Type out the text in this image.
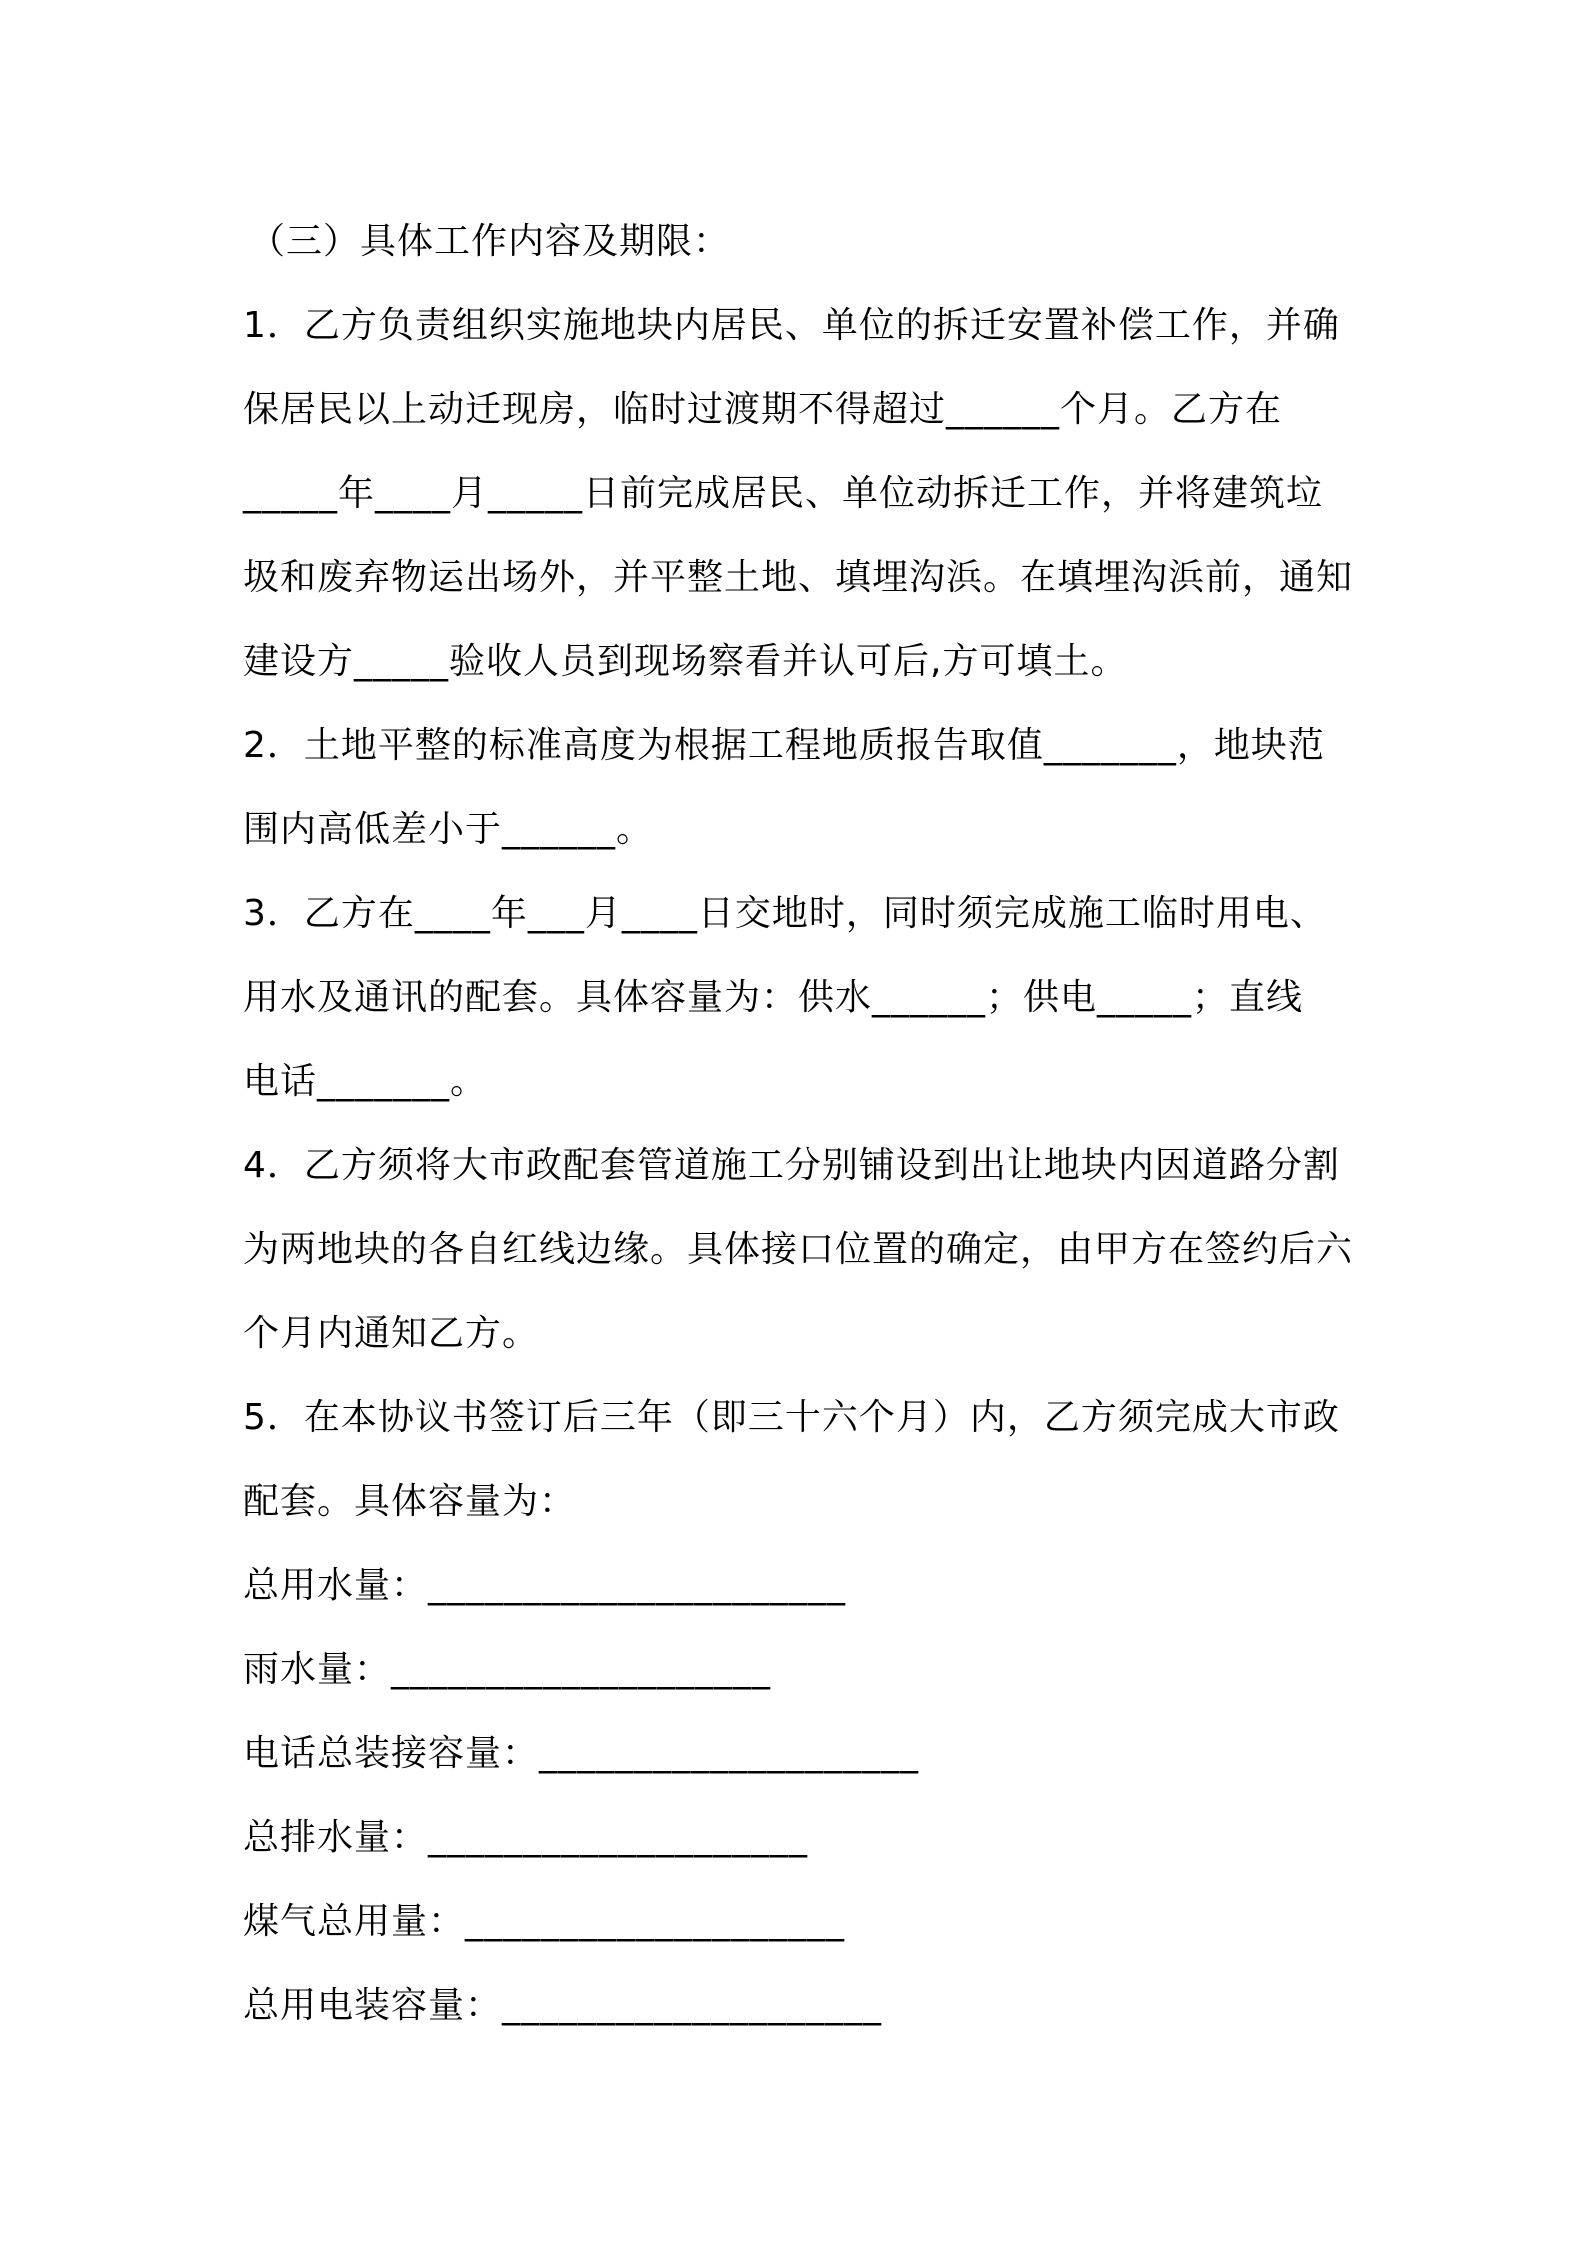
（三）具体工作内容及期限：
1．乙方负责组织实施地块内居民、单位的拆迁安置补偿工作，并确
保居民以上动迁现房，临时过渡期不得超过______个月。乙方在
_____年____月_____日前完成居民、单位动拆迁工作，并将建筑垃
圾和废弃物运出场外，并平整土地、填埋沟浜。在填埋沟浜前，通知
建设方_____验收人员到现场察看并认可后,方可填土。
2．土地平整的标准高度为根据工程地质报告取值_______，地块范
围内高低差小于______。
3．乙方在____年___月____日交地时，同时须完成施工临时用电、
用水及通讯的配套。具体容量为：供水______；供电_____；直线
电话_______。
4．乙方须将大市政配套管道施工分别铺设到出让地块内因道路分割
为两地块的各自红线边缘。具体接口位置的确定，由甲方在签约后六
个月内通知乙方。
5．在本协议书签订后三年（即三十六个月）内，乙方须完成大市政
配套。具体容量为：
总用水量：______________________
雨水量：____________________
电话总装接容量：____________________
总排水量：____________________
煤气总用量：____________________
总用电装容量：____________________
